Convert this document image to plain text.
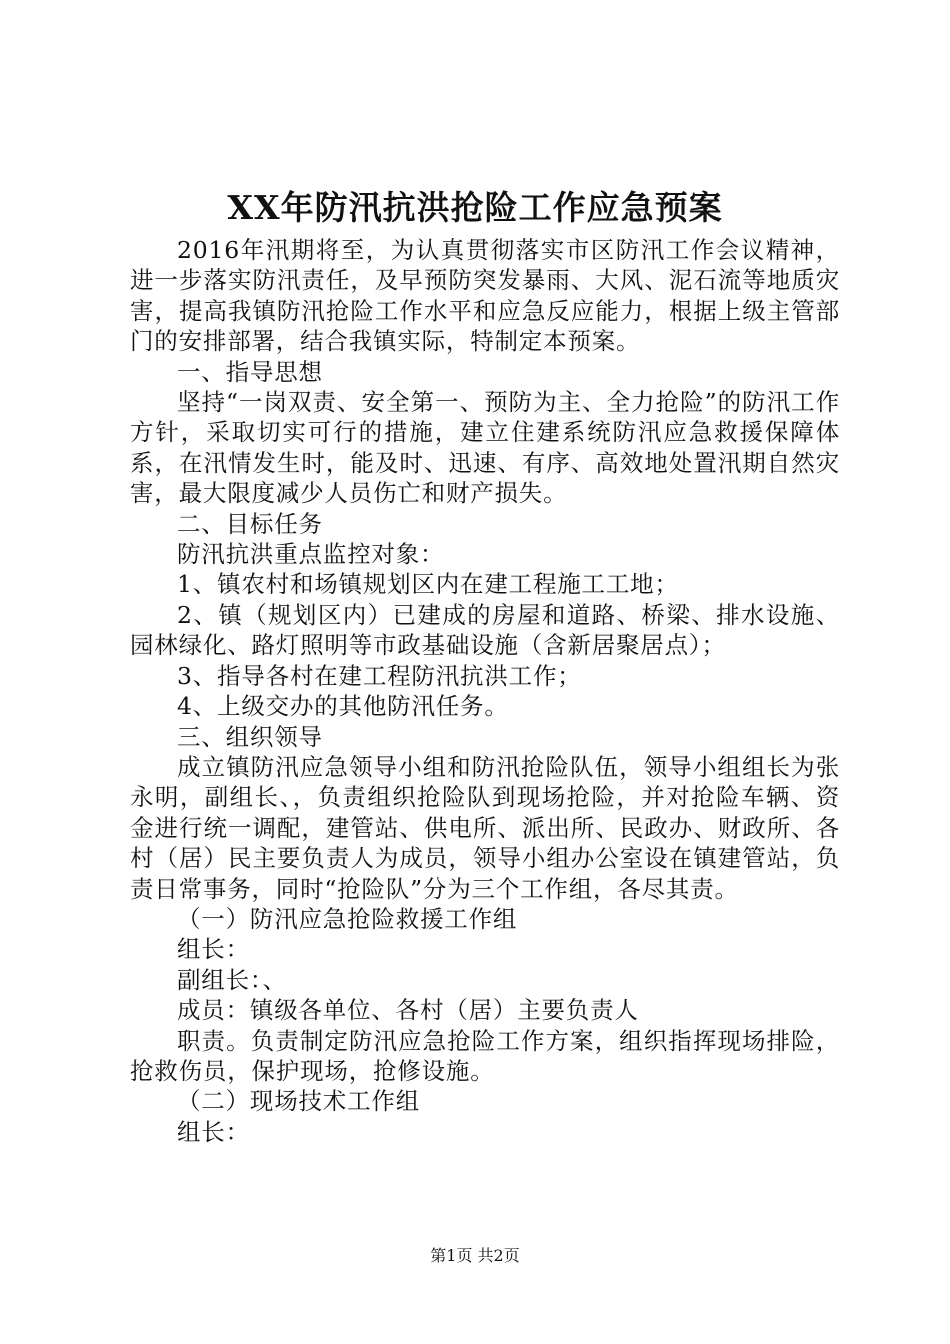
XX年防汛抗洪抢险工作应急预案

2016年汛期将至，为认真贯彻落实市区防汛工作会议精神，进一步落实防汛责任，及早预防突发暴雨、大风、泥石流等地质灾害，提高我镇防汛抢险工作水平和应急反应能力，根据上级主管部门的安排部署，结合我镇实际，特制定本预案。

一、指导思想

坚持“一岗双责、安全第一、预防为主、全力抢险”的防汛工作方针，采取切实可行的措施，建立住建系统防汛应急救援保障体系，在汛情发生时，能及时、迅速、有序、高效地处置汛期自然灾害，最大限度减少人员伤亡和财产损失。

二、目标任务

防汛抗洪重点监控对象：

1、镇农村和场镇规划区内在建工程施工工地；

2、镇（规划区内）已建成的房屋和道路、桥梁、排水设施、园林绿化、路灯照明等市政基础设施（含新居聚居点）；

3、指导各村在建工程防汛抗洪工作；

4、上级交办的其他防汛任务。

三、组织领导

成立镇防汛应急领导小组和防汛抢险队伍，领导小组组长为张永明，副组长、，负责组织抢险队到现场抢险，并对抢险车辆、资金进行统一调配，建管站、供电所、派出所、民政办、财政所、各村（居）民主要负责人为成员，领导小组办公室设在镇建管站，负责日常事务，同时“抢险队”分为三个工作组，各尽其责。

（一）防汛应急抢险救援工作组

组长：

副组长：、

成员：镇级各单位、各村（居）主要负责人

职责。负责制定防汛应急抢险工作方案，组织指挥现场排险，抢救伤员，保护现场，抢修设施。

（二）现场技术工作组

组长：

第1页 共2页
